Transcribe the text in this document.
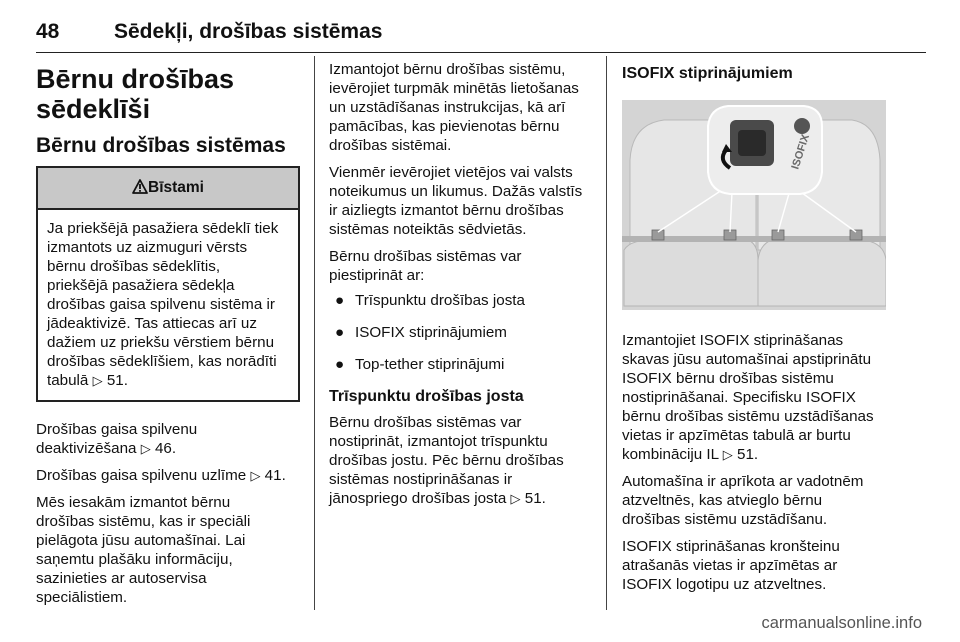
48	Sēdekļi, drošības sistēmas
Bērnu drošības
sēdeklīši
Bērnu drošības sistēmas
Bīstami
Ja priekšējā pasažiera sēdeklī tiek
izmantots uz aizmuguri vērsts
bērnu drošības sēdeklītis,
priekšējā pasažiera sēdekļa
drošības gaisa spilvenu sistēma ir
jādeaktivizē. Tas attiecas arī uz
dažiem uz priekšu vērstiem bērnu
drošības sēdeklīšiem, kas norādīti
tabulā ▷ 51.

Drošības gaisa spilvenu
deaktivizēšana ▷ 46.

Drošības gaisa spilvenu uzlīme ▷ 41.

Mēs iesakām izmantot bērnu
drošības sistēmu, kas ir speciāli
pielāgota jūsu automašīnai. Lai
saņemtu plašāku informāciju,
sazinieties ar autoservisa
speciālistiem.

Izmantojot bērnu drošības sistēmu,
ievērojiet turpmāk minētās lietošanas
un uzstādīšanas instrukcijas, kā arī
pamācības, kas pievienotas bērnu
drošības sistēmai.

Vienmēr ievērojiet vietējos vai valsts
noteikumus un likumus. Dažās valstīs
ir aizliegts izmantot bērnu drošības
sistēmas noteiktās sēdvietās.

Bērnu drošības sistēmas var
piestiprināt ar:

● Trīspunktu drošības josta
● ISOFIX stiprinājumiem
● Top-tether stiprinājumi
Trīspunktu drošības josta

Bērnu drošības sistēmas var
nostiprināt, izmantojot trīspunktu
drošības jostu. Pēc bērnu drošības
sistēmas nostiprināšanas ir
jānospriego drošības josta ▷ 51.

ISOFIX stiprinājumiem
ISOFIX

Izmantojiet ISOFIX stiprināšanas
skavas jūsu automašīnai apstiprinātu
ISOFIX bērnu drošības sistēmu
nostiprināšanai. Specifisku ISOFIX
bērnu drošības sistēmu uzstādīšanas
vietas ir apzīmētas tabulā ar burtu
kombināciju IL ▷ 51.

Automašīna ir aprīkota ar vadotnēm
atzveltnēs, kas atvieglo bērnu
drošības sistēmu uzstādīšanu.

ISOFIX stiprināšanas kronšteinu
atrašanās vietas ir apzīmētas ar
ISOFIX logotipu uz atzveltnes.

carmanualsonline.info
